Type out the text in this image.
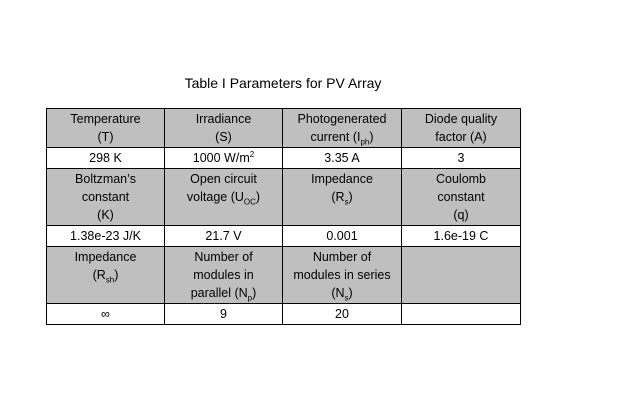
Table I Parameters for PV Array
Temperature
(T)	Irradiance
(S)	Photogenerated
current $(I_{ph})$	Diode quality
factor (A)

298 K	1000 $W/m^2$	3.35 A	3

Boltzman’s
constant
(K)	Open circuit
voltage $(U_{OC})$	Impedance
$(R_s)$	Coulomb
constant
(q)

1.38e-23 J/K	21.7 V	0.001	1.6e-19 C

Impedance
$(R_{sh})$	Number of
modules in
parallel $(N_p)$	Number of
modules in series
$(N_s)$	

∞	9	20	
